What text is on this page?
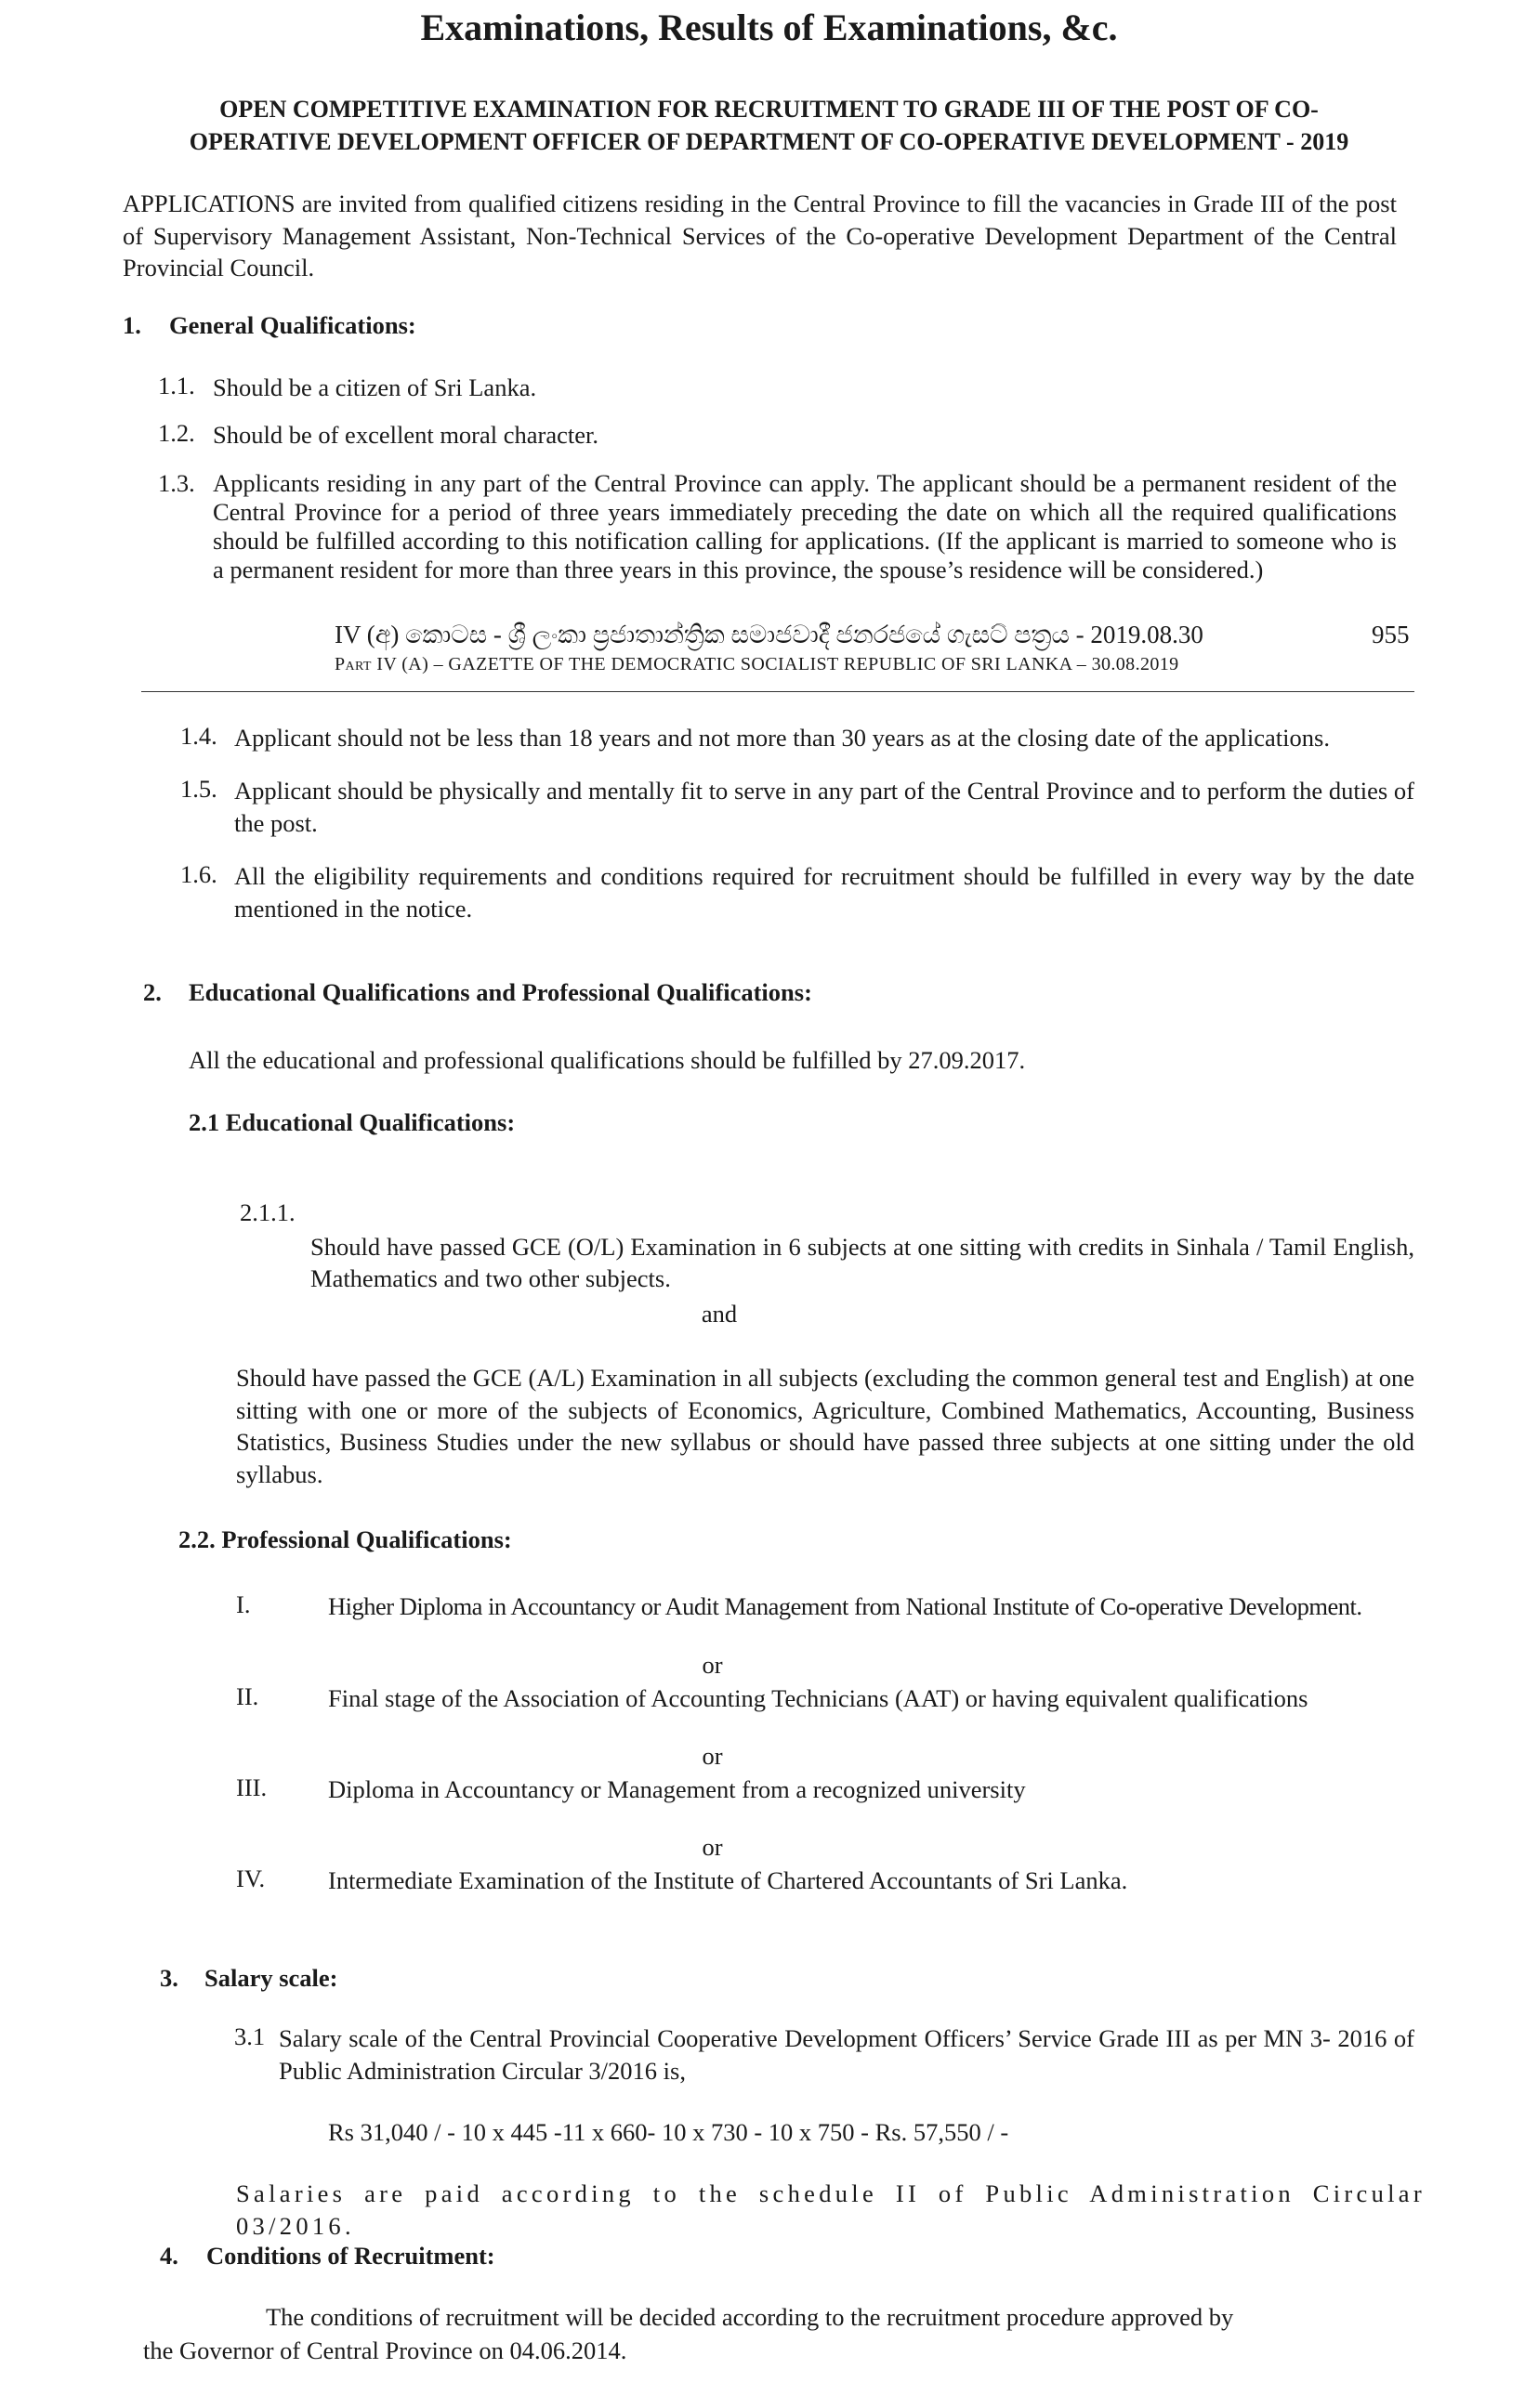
Examinations, Results of Examinations, &c.
OPEN COMPETITIVE EXAMINATION FOR RECRUITMENT TO GRADE III OF THE POST OF CO-
OPERATIVE DEVELOPMENT OFFICER OF DEPARTMENT OF CO-OPERATIVE DEVELOPMENT - 2019
APPLICATIONS are invited from qualified citizens residing in the Central Province to fill the vacancies in Grade III of the post of Supervisory Management Assistant, Non-Technical Services of the Co-operative Development Department of the Central Provincial Council.
1. General Qualifications:
1.1. Should be a citizen of Sri Lanka.
1.2. Should be of excellent moral character.
1.3. Applicants residing in any part of the Central Province can apply. The applicant should be a permanent resident of the Central Province for a period of three years immediately preceding the date on which all the required qualifications should be fulfilled according to this notification calling for applications. (If the applicant is married to someone who is a permanent resident for more than three years in this province, the spouse’s residence will be considered.)
IV (අ) කොටස - ශ්‍රී ලංකා ප්‍රජාතාන්ත්‍රික සමාජවාදී ජනරජයේ ගැසට් පත්‍රය - 2019.08.30	955
Part IV (A) – GAZETTE OF THE DEMOCRATIC SOCIALIST REPUBLIC OF SRI LANKA – 30.08.2019
1.4. Applicant should not be less than 18 years and not more than 30 years as at the closing date of the applications.
1.5. Applicant should be physically and mentally fit to serve in any part of the Central Province and to perform the duties of the post.
1.6. All the eligibility requirements and conditions required for recruitment should be fulfilled in every way by the date mentioned in the notice.
2. Educational Qualifications and Professional Qualifications:
All the educational and professional qualifications should be fulfilled by 27.09.2017.
2.1 Educational Qualifications:
2.1.1.
Should have passed GCE (O/L) Examination in 6 subjects at one sitting with credits in Sinhala / Tamil English, Mathematics and two other subjects.
and
Should have passed the GCE (A/L) Examination in all subjects (excluding the common general test and English) at one sitting with one or more of the subjects of Economics, Agriculture, Combined Mathematics, Accounting, Business Statistics, Business Studies under the new syllabus or should have passed three subjects at one sitting under the old syllabus.
2.2. Professional Qualifications:
I.	Higher Diploma in Accountancy or Audit Management from National Institute of Co-operative Development.
or
II.	Final stage of the Association of Accounting Technicians (AAT) or having equivalent qualifications
or
III. Diploma in Accountancy or Management from a recognized university
or
IV.	Intermediate Examination of the Institute of Chartered Accountants of Sri Lanka.
3. Salary scale:
3.1 Salary scale of the Central Provincial Cooperative Development Officers’ Service Grade III as per MN 3- 2016 of Public Administration Circular 3/2016 is,
Rs 31,040 / - 10 x 445 -11 x 660- 10 x 730 - 10 x 750 - Rs. 57,550 / -
Salaries are paid according to the schedule II of Public Administration Circular 03/2016.
4. Conditions of Recruitment:
The conditions of recruitment will be decided according to the recruitment procedure approved by
the Governor of Central Province on 04.06.2014.
